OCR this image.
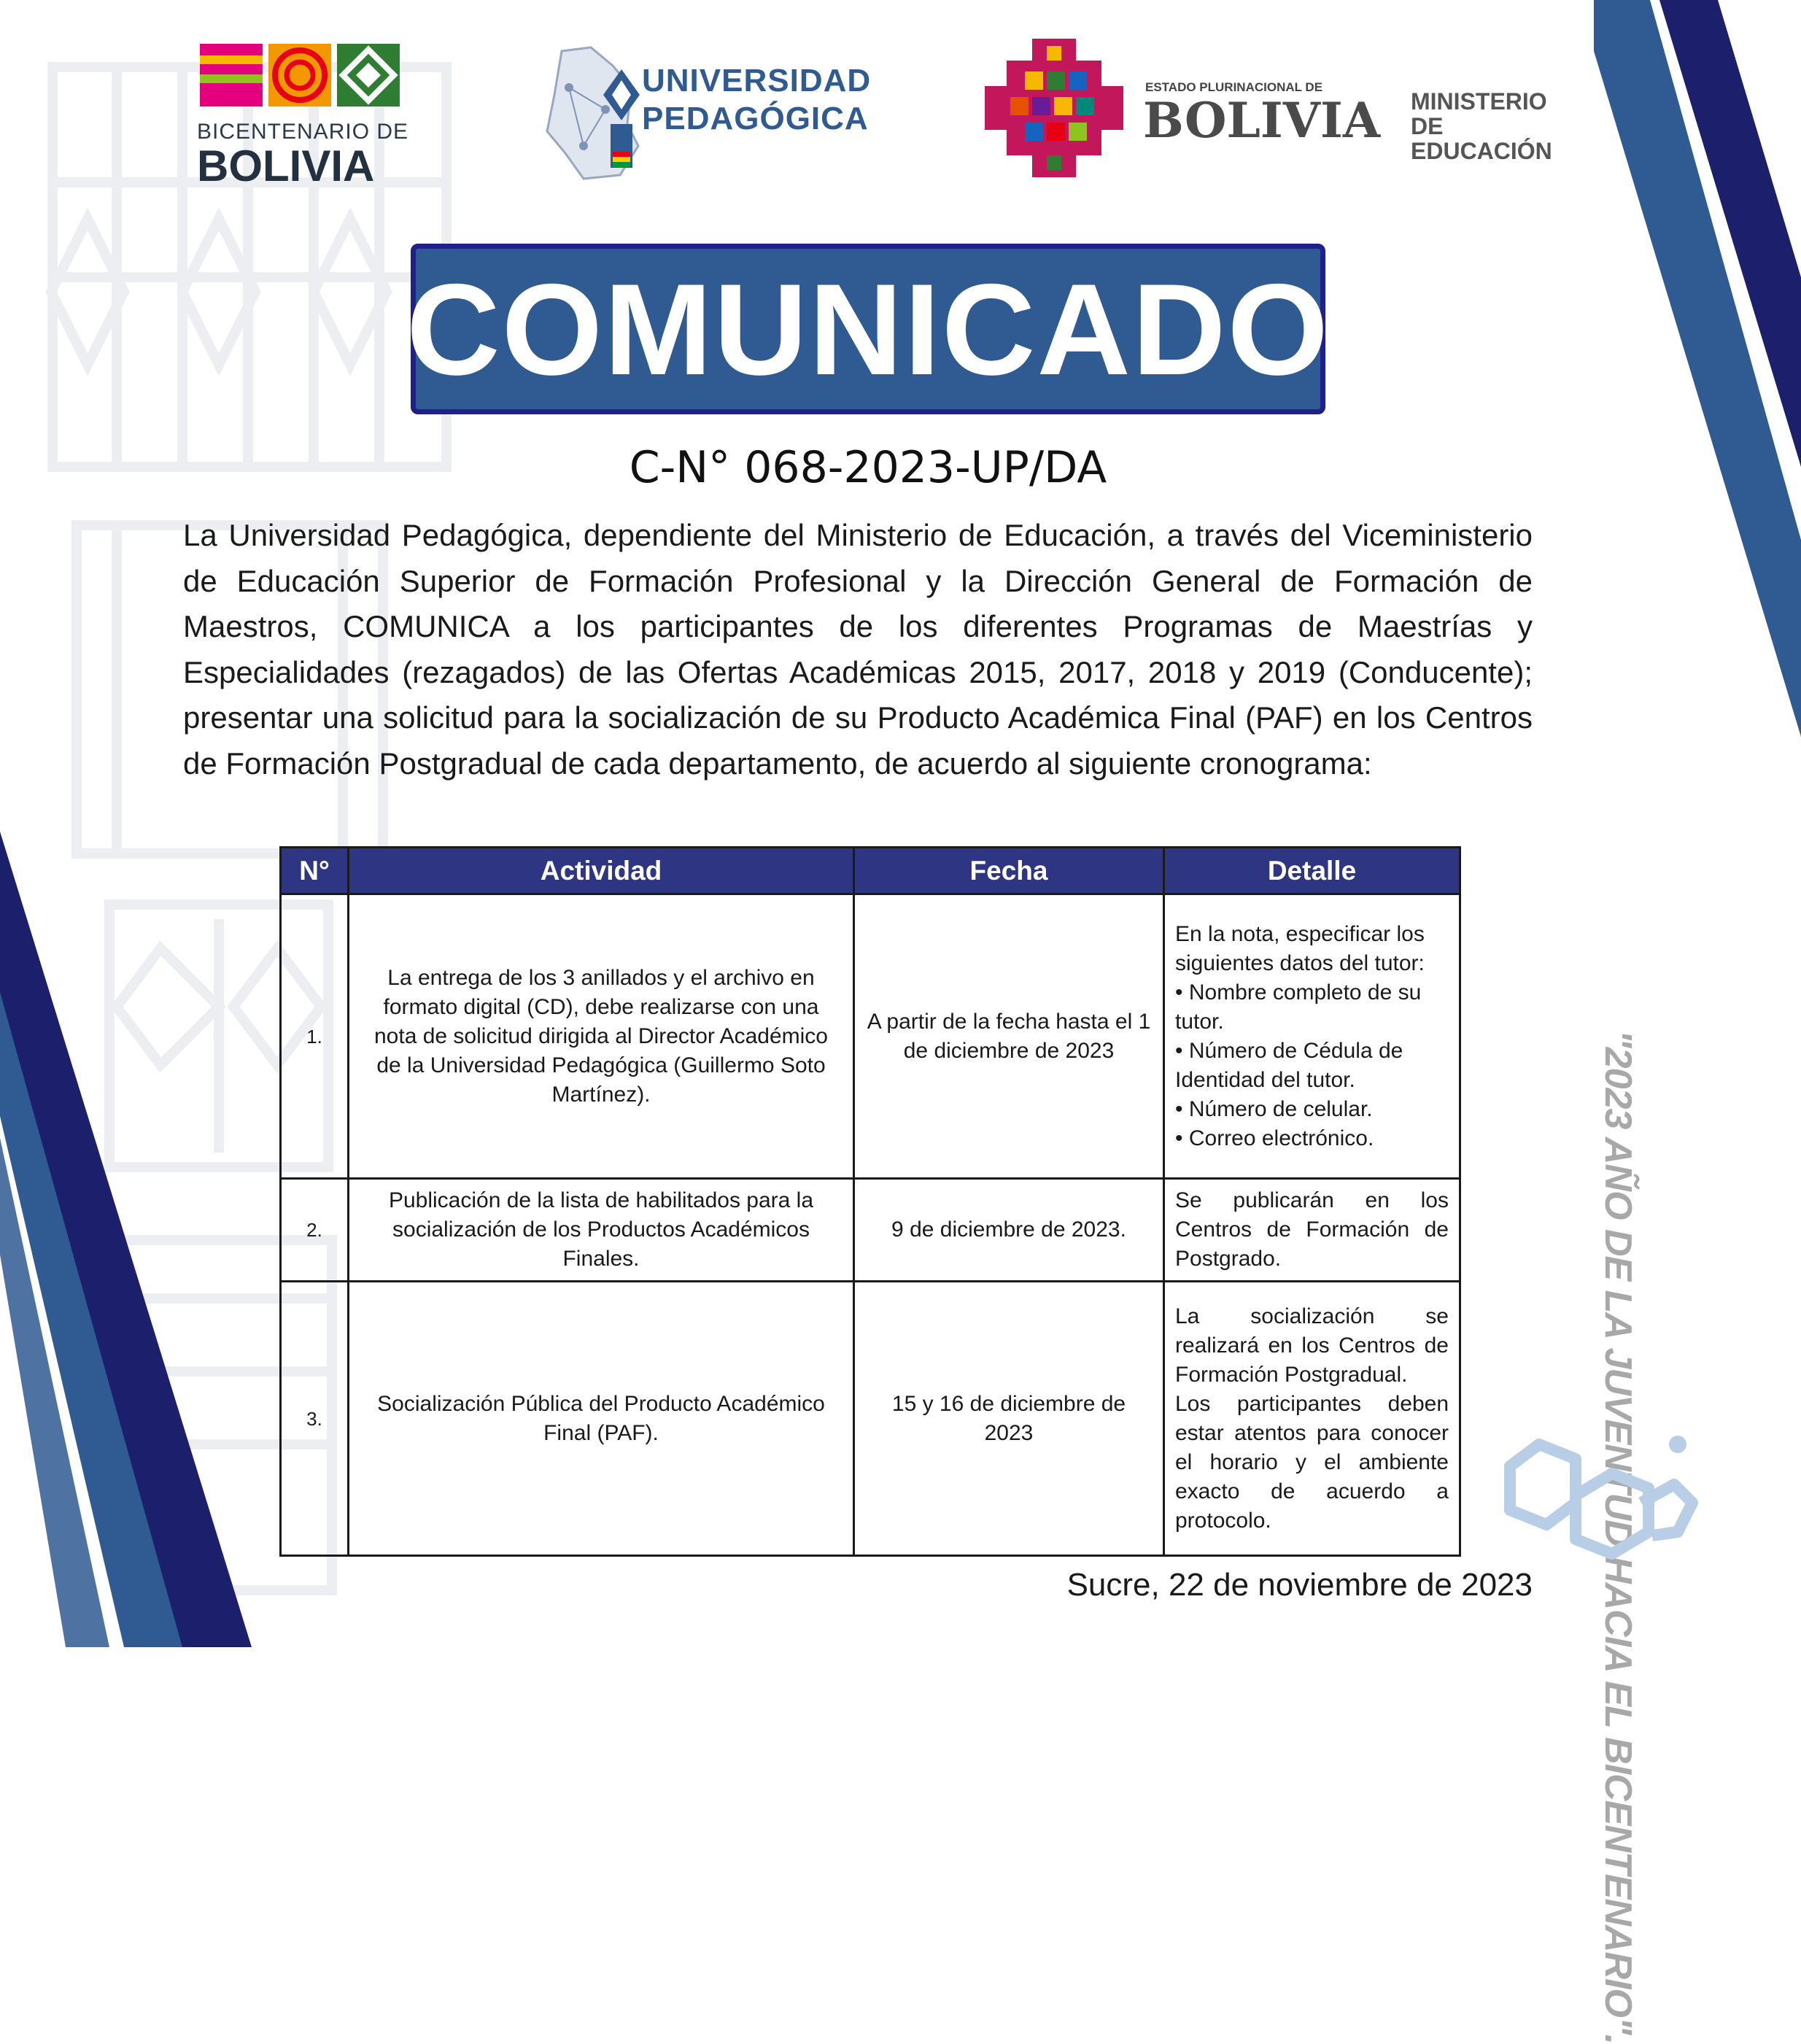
BICENTENARIO DE
BOLIVIA
UNIVERSIDAD
PEDAGÓGICA
ESTADO PLURINACIONAL DE
BOLIVIA MINISTERIO
DE EDUCACIÓN
COMUNICADO
C-N° 068-2023-UP/DA
La Universidad Pedagógica, dependiente del Ministerio de Educación, a través del Viceministerio de Educación Superior de Formación Profesional y la Dirección General de Formación de Maestros, COMUNICA a los participantes de los diferentes Programas de Maestrías y Especialidades (rezagados) de las Ofertas Académicas 2015, 2017, 2018 y 2019 (Conducente); presentar una solicitud para la socialización de su Producto Académica Final (PAF) en los Centros de Formación Postgradual de cada departamento, de acuerdo al siguiente cronograma:
N°	Actividad	Fecha	Detalle
1.	La entrega de los 3 anillados y el archivo en formato digital (CD), debe realizarse con una nota de solicitud dirigida al Director Académico de la Universidad Pedagógica (Guillermo Soto Martínez).	A partir de la fecha hasta el 1 de diciembre de 2023	En la nota, especificar los siguientes datos del tutor:
• Nombre completo de su tutor.
• Número de Cédula de Identidad del tutor.
• Número de celular.
• Correo electrónico.

2.	Publicación de la lista de habilitados para la socialización de los Productos Académicos Finales.	9 de diciembre de 2023.	Se publicarán en los Centros de Formación de Postgrado.
3.	Socialización Pública del Producto Académico Final (PAF).	15 y 16 de diciembre de 2023	La socialización se realizará en los Centros de Formación Postgradual.
Los participantes deben estar atentos para conocer el horario y el ambiente exacto de acuerdo a protocolo.
Sucre, 22 de noviembre de 2023 "2023 AÑO DE LA JUVENTUD HACIA EL BICENTENARIO".
